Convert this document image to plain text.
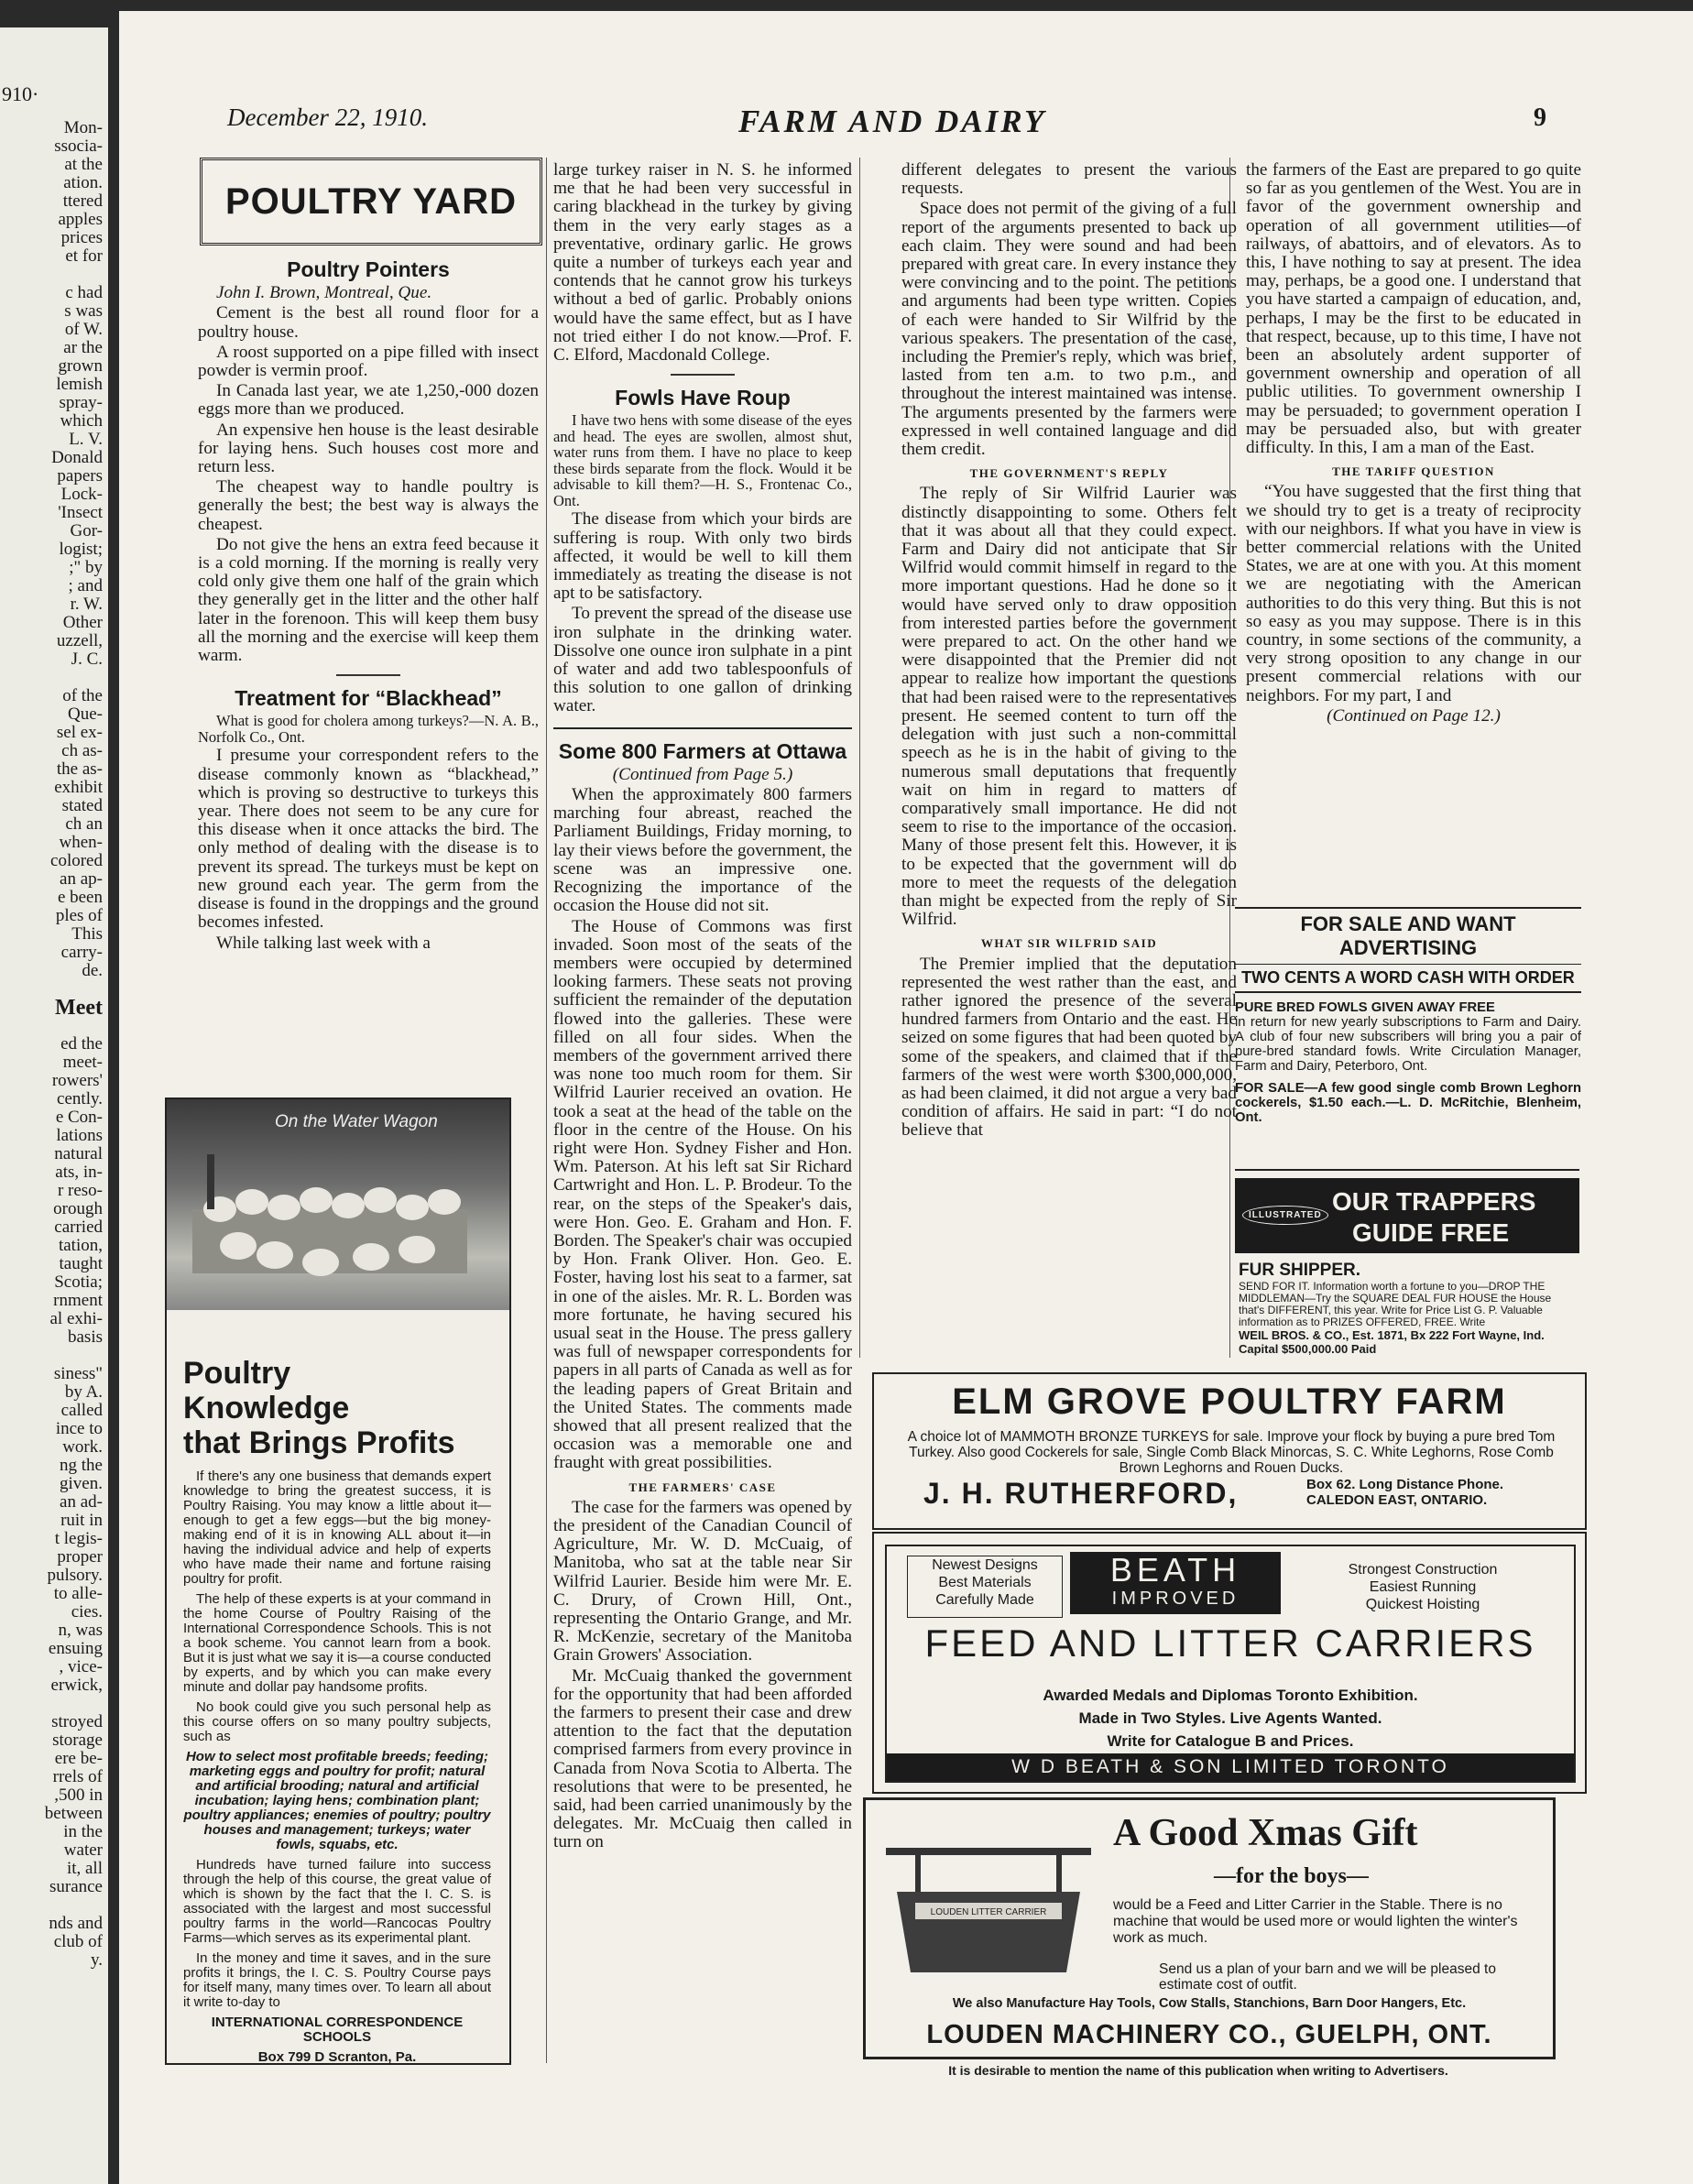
910·
Mon-
ssocia-
at the
ation.
ttered
apples
prices
et for

c had
s was
of W.
ar the
grown
lemish
spray-
which
L. V.
Donald
papers
Lock-
'Insect
Gor-
logist;
;" by
; and
r. W.
Other
uzzell,
J. C.

of the
Que-
sel ex-
ch as-
the as-
exhibit
stated
ch an
when-
colored
an ap-
e been
ples of
This
carry-
de.

Meet

ed the
meet-
rowers'
cently.
e Con-
lations
natural
ats, in-
r reso-
orough
carried
tation,
taught
Scotia;
rnment
al exhi-
basis

siness"
by A.
called
ince to
work.
ng the
given.
an ad-
ruit in
t legis-
proper
pulsory.
to alle-
cies.
n, was
ensuing
, vice-
erwick,

stroyed
storage
ere be-
rrels of
,500 in
between
in the
water
it, all
surance

nds and
club of
y.
December 22, 1910.	FARM AND DAIRY	9
POULTRY YARD
Poultry Pointers

John I. Brown, Montreal, Que.

Cement is the best all round floor for a poultry house.

A roost supported on a pipe filled with insect powder is vermin proof.

In Canada last year, we ate 1,250,-000 dozen eggs more than we produced.

An expensive hen house is the least desirable for laying hens. Such houses cost more and return less.

The cheapest way to handle poultry is generally the best; the best way is always the cheapest.

Do not give the hens an extra feed because it is a cold morning. If the morning is really very cold only give them one half of the grain which they generally get in the litter and the other half later in the forenoon. This will keep them busy all the morning and the exercise will keep them warm.

Treatment for “Blackhead”

What is good for cholera among turkeys?—N. A. B., Norfolk Co., Ont.

I presume your correspondent refers to the disease commonly known as “blackhead,” which is proving so destructive to turkeys this year. There does not seem to be any cure for this disease when it once attacks the bird. The only method of dealing with the disease is to prevent its spread. The turkeys must be kept on new ground each year. The germ from the disease is found in the droppings and the ground becomes infested.

While talking last week with a

On the Water Wagon
Poultry
Knowledge
that Brings Profits

If there's any one business that demands expert knowledge to bring the greatest success, it is Poultry Raising. You may know a little about it—enough to get a few eggs—but the big money-making end of it is in knowing ALL about it—in having the individual advice and help of experts who have made their name and fortune raising poultry for profit.

The help of these experts is at your command in the home Course of Poultry Raising of the International Correspondence Schools. This is not a book scheme. You cannot learn from a book. But it is just what we say it is—a course conducted by experts, and by which you can make every minute and dollar pay handsome profits.

No book could give you such personal help as this course offers on so many poultry subjects, such as

How to select most profitable breeds; feeding; marketing eggs and poultry for profit; natural and artificial brooding; natural and artificial incubation; laying hens; combination plant; poultry appliances; enemies of poultry; poultry houses and management; turkeys; water fowls, squabs, etc.

Hundreds have turned failure into success through the help of this course, the great value of which is shown by the fact that the I. C. S. is associated with the largest and most successful poultry farms in the world—Rancocas Poultry Farms—which serves as its experimental plant.

In the money and time it saves, and in the sure profits it brings, the I. C. S. Poultry Course pays for itself many, many times over. To learn all about it write to-day to

INTERNATIONAL CORRESPONDENCE SCHOOLS

Box 799 D Scranton, Pa.

large turkey raiser in N. S. he informed me that he had been very successful in caring blackhead in the turkey by giving them in the very early stages as a preventative, ordinary garlic. He grows quite a number of turkeys each year and contends that he cannot grow his turkeys without a bed of garlic. Probably onions would have the same effect, but as I have not tried either I do not know.—Prof. F. C. Elford, Macdonald College.

Fowls Have Roup

I have two hens with some disease of the eyes and head. The eyes are swollen, almost shut, water runs from them. I have no place to keep these birds separate from the flock. Would it be advisable to kill them?—H. S., Frontenac Co., Ont.

The disease from which your birds are suffering is roup. With only two birds affected, it would be well to kill them immediately as treating the disease is not apt to be satisfactory.

To prevent the spread of the disease use iron sulphate in the drinking water. Dissolve one ounce iron sulphate in a pint of water and add two tablespoonfuls of this solution to one gallon of drinking water.

Some 800 Farmers at Ottawa

(Continued from Page 5.)

When the approximately 800 farmers marching four abreast, reached the Parliament Buildings, Friday morning, to lay their views before the government, the scene was an impressive one. Recognizing the importance of the occasion the House did not sit.

The House of Commons was first invaded. Soon most of the seats of the members were occupied by determined looking farmers. These seats not proving sufficient the remainder of the deputation flowed into the galleries. These were filled on all four sides. When the members of the government arrived there was none too much room for them. Sir Wilfrid Laurier received an ovation. He took a seat at the head of the table on the floor in the centre of the House. On his right were Hon. Sydney Fisher and Hon. Wm. Paterson. At his left sat Sir Richard Cartwright and Hon. L. P. Brodeur. To the rear, on the steps of the Speaker's dais, were Hon. Geo. E. Graham and Hon. F. Borden. The Speaker's chair was occupied by Hon. Frank Oliver. Hon. Geo. E. Foster, having lost his seat to a farmer, sat in one of the aisles. Mr. R. L. Borden was more fortunate, he having secured his usual seat in the House. The press gallery was full of newspaper correspondents for papers in all parts of Canada as well as for the leading papers of Great Britain and the United States. The comments made showed that all present realized that the occasion was a memorable one and fraught with great possibilities.

THE FARMERS' CASE

The case for the farmers was opened by the president of the Canadian Council of Agriculture, Mr. W. D. McCuaig, of Manitoba, who sat at the table near Sir Wilfrid Laurier. Beside him were Mr. E. C. Drury, of Crown Hill, Ont., representing the Ontario Grange, and Mr. R. McKenzie, secretary of the Manitoba Grain Growers' Association.

Mr. McCuaig thanked the government for the opportunity that had been afforded the farmers to present their case and drew attention to the fact that the deputation comprised farmers from every province in Canada from Nova Scotia to Alberta. The resolutions that were to be presented, he said, had been carried unanimously by the delegates. Mr. McCuaig then called in turn on

different delegates to present the various requests.

Space does not permit of the giving of a full report of the arguments presented to back up each claim. They were sound and had been prepared with great care. In every instance they were convincing and to the point. The petitions and arguments had been type written. Copies of each were handed to Sir Wilfrid by the various speakers. The presentation of the case, including the Premier's reply, which was brief, lasted from ten a.m. to two p.m., and throughout the interest maintained was intense. The arguments presented by the farmers were expressed in well contained language and did them credit.

THE GOVERNMENT'S REPLY

The reply of Sir Wilfrid Laurier was distinctly disappointing to some. Others felt that it was about all that they could expect. Farm and Dairy did not anticipate that Sir Wilfrid would commit himself in regard to the more important questions. Had he done so it would have served only to draw opposition from interested parties before the government were prepared to act. On the other hand we were disappointed that the Premier did not appear to realize how important the questions that had been raised were to the representatives present. He seemed content to turn off the delegation with just such a non-committal speech as he is in the habit of giving to the numerous small deputations that frequently wait on him in regard to matters of comparatively small importance. He did not seem to rise to the importance of the occasion. Many of those present felt this. However, it is to be expected that the government will do more to meet the requests of the delegation than might be expected from the reply of Sir Wilfrid.

WHAT SIR WILFRID SAID

The Premier implied that the deputation represented the west rather than the east, and rather ignored the presence of the several hundred farmers from Ontario and the east. He seized on some figures that had been quoted by some of the speakers, and claimed that if the farmers of the west were worth $300,000,000, as had been claimed, it did not argue a very bad condition of affairs. He said in part: “I do not believe that

the farmers of the East are prepared to go quite so far as you gentlemen of the West. You are in favor of the government ownership and operation of all government utilities—of railways, of abattoirs, and of elevators. As to this, I have nothing to say at present. The idea may, perhaps, be a good one. I understand that you have started a campaign of education, and, perhaps, I may be the first to be educated in that respect, because, up to this time, I have not been an absolutely ardent supporter of government ownership and operation of all public utilities. To government ownership I may be persuaded; to government operation I may be persuaded also, but with greater difficulty. In this, I am a man of the East.

THE TARIFF QUESTION

“You have suggested that the first thing that we should try to get is a treaty of reciprocity with our neighbors. If what you have in view is better commercial relations with the United States, we are at one with you. At this moment we are negotiating with the American authorities to do this very thing. But this is not so easy as you may suppose. There is in this country, in some sections of the community, a very strong oposition to any change in our present commercial relations with our neighbors. For my part, I and

(Continued on Page 12.)

FOR SALE AND WANT ADVERTISING
TWO CENTS A WORD CASH WITH ORDER

PURE BRED FOWLS GIVEN AWAY FREE
in return for new yearly subscriptions to Farm and Dairy. A club of four new subscribers will bring you a pair of pure-bred standard fowls. Write Circulation Manager, Farm and Dairy, Peterboro, Ont.

FOR SALE—A few good single comb Brown Leghorn cockerels, $1.50 each.—L. D. McRitchie, Blenheim, Ont.

ILLUSTRATED OUR TRAPPERS
GUIDE FREE
FUR SHIPPER.
SEND FOR IT. Information worth a fortune to you—DROP THE MIDDLEMAN—Try the SQUARE DEAL FUR HOUSE the House that's DIFFERENT, this year. Write for Price List G. P. Valuable information as to PRIZES OFFERED, FREE. Write
WEIL BROS. & CO., Est. 1871, Bx 222 Fort Wayne, Ind.
Capital $500,000.00 Paid
ELM GROVE POULTRY FARM
A choice lot of MAMMOTH BRONZE TURKEYS for sale. Improve your flock by buying a pure bred Tom Turkey. Also good Cockerels for sale, Single Comb Black Minorcas, S. C. White Leghorns, Rose Comb Brown Leghorns and Rouen Ducks.
J. H. RUTHERFORD,	Box 62. Long Distance Phone.
CALEDON EAST, ONTARIO.
Newest Designs
Best Materials
Carefully Made
BEATH
IMPROVED
Strongest Construction
Easiest Running
Quickest Hoisting
FEED AND LITTER CARRIERS
Awarded Medals and Diplomas Toronto Exhibition.
Made in Two Styles. Live Agents Wanted.
Write for Catalogue B and Prices.
W D BEATH & SON LIMITED TORONTO
A Good Xmas Gift
—for the boys—
LOUDEN LITTER CARRIER	would be a Feed and Litter Carrier in the Stable. There is no machine that would be used more or would lighten the winter's work as much.
Send us a plan of your barn and we will be pleased to estimate cost of outfit.
We also Manufacture Hay Tools, Cow Stalls, Stanchions, Barn Door Hangers, Etc.
LOUDEN MACHINERY CO., GUELPH, ONT.
It is desirable to mention the name of this publication when writing to Advertisers.
